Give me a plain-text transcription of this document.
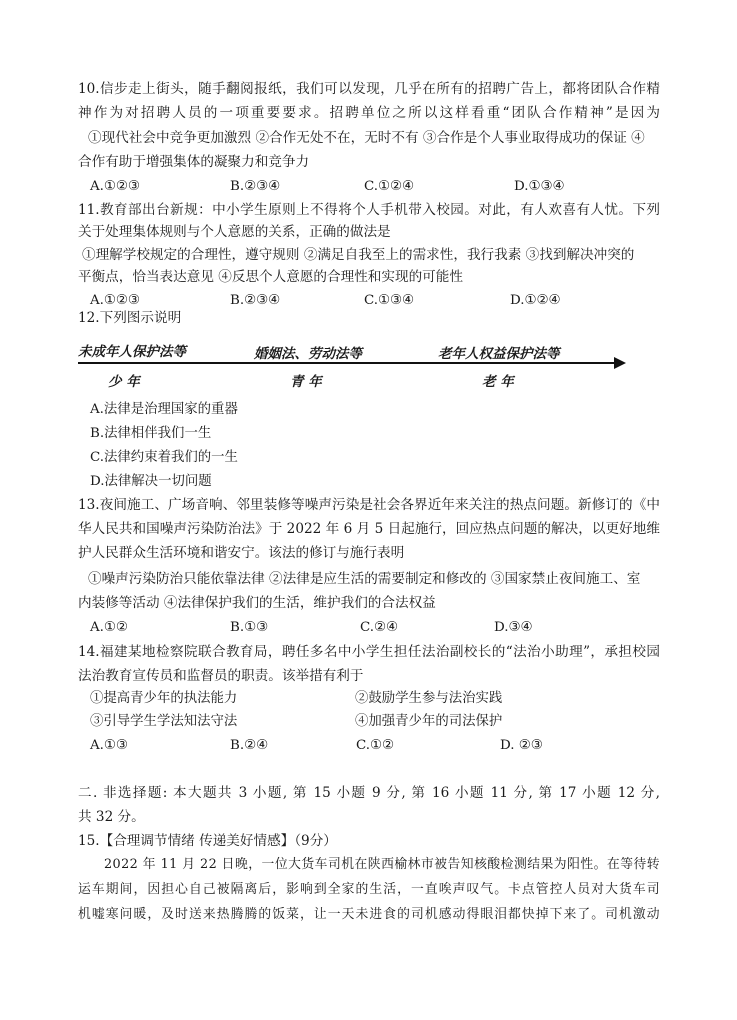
10.信步走上街头，随手翻阅报纸，我们可以发现，几乎在所有的招聘广告上，都将团队合作精
神作为对招聘人员的一项重要要求。招聘单位之所以这样看重“团队合作精神”是因为
①现代社会中竞争更加激烈 ②合作无处不在，无时不有 ③合作是个人事业取得成功的保证 ④
合作有助于增强集体的凝聚力和竞争力
A.①②③	B.②③④	C.①②④	D.①③④
11.教育部出台新规：中小学生原则上不得将个人手机带入校园。对此，有人欢喜有人忧。下列
关于处理集体规则与个人意愿的关系，正确的做法是
①理解学校规定的合理性，遵守规则 ②满足自我至上的需求性，我行我素 ③找到解决冲突的
平衡点，恰当表达意见 ④反思个人意愿的合理性和实现的可能性
A.①②③	B.②③④	C.①③④	D.①②④
12.下列图示说明
未成年人保护法等	婚姻法、劳动法等	老年人权益保护法等
少 年	青 年	老 年
A.法律是治理国家的重器
B.法律相伴我们一生
C.法律约束着我们的一生
D.法律解决一切问题
13.夜间施工、广场音响、邻里装修等噪声污染是社会各界近年来关注的热点问题。新修订的《中
华人民共和国噪声污染防治法》于 2022 年 6 月 5 日起施行，回应热点问题的解决，以更好地维
护人民群众生活环境和谐安宁。该法的修订与施行表明
①噪声污染防治只能依靠法律 ②法律是应生活的需要制定和修改的 ③国家禁止夜间施工、室
内装修等活动 ④法律保护我们的生活，维护我们的合法权益
A.①②	B.①③	C.②④	D.③④
14.福建某地检察院联合教育局，聘任多名中小学生担任法治副校长的“法治小助理”，承担校园
法治教育宣传员和监督员的职责。该举措有利于
①提高青少年的执法能力	②鼓励学生参与法治实践
③引导学生学法知法守法	④加强青少年的司法保护
A.①③	B.②④	C.①②	D. ②③
二. 非选择题: 本大题共 3 小题, 第 15 小题 9 分, 第 16 小题 11 分, 第 17 小题 12 分,
共 32 分。
15.【合理调节情绪 传递美好情感】（9分）
2022 年 11 月 22 日晚，一位大货车司机在陕西榆林市被告知核酸检测结果为阳性。在等待转
运车期间，因担心自己被隔离后，影响到全家的生活，一直唉声叹气。卡点管控人员对大货车司
机嘘寒问暖，及时送来热腾腾的饭菜，让一天未进食的司机感动得眼泪都快掉下来了。司机激动
